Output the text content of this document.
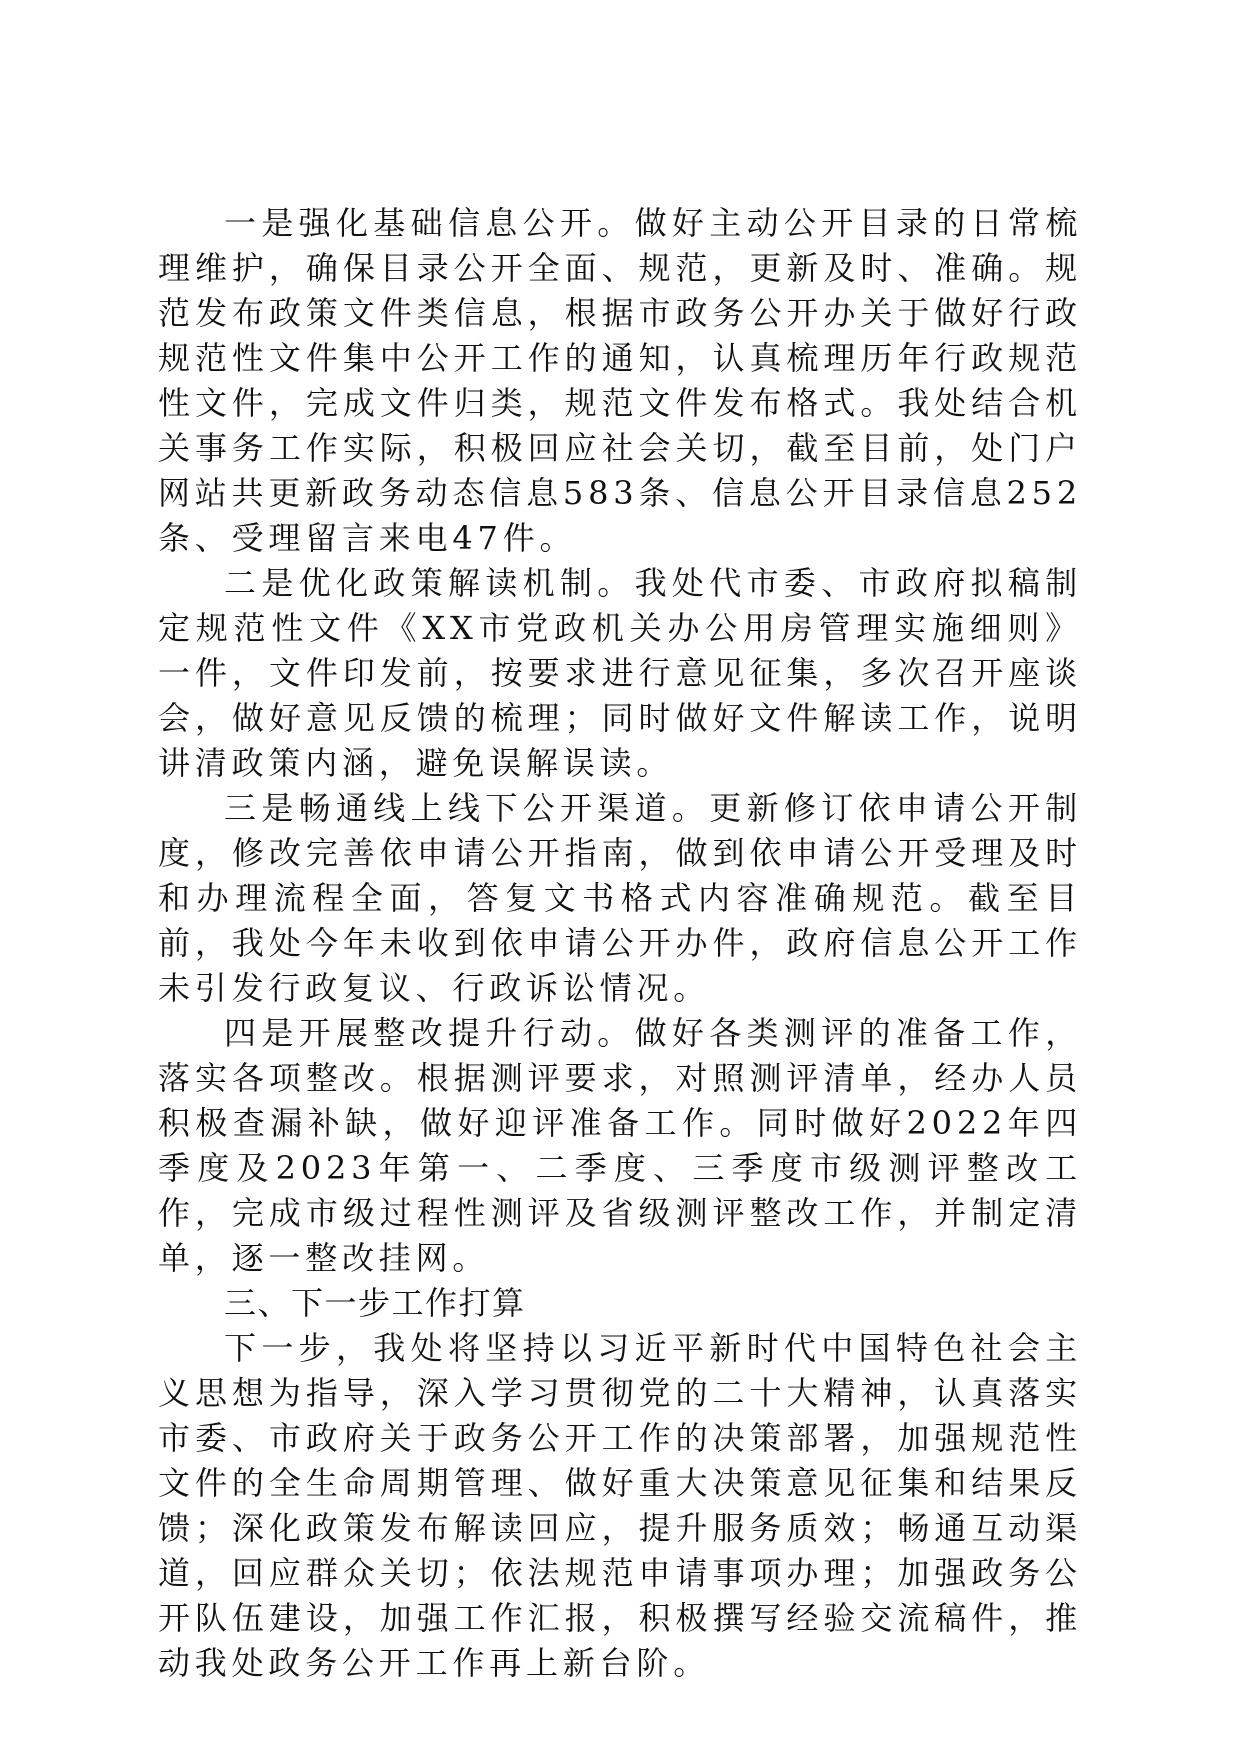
一是强化基础信息公开。做好主动公开目录的日常梳理维护，确保目录公开全面、规范，更新及时、准确。规范发布政策文件类信息，根据市政务公开办关于做好行政规范性文件集中公开工作的通知，认真梳理历年行政规范性文件，完成文件归类，规范文件发布格式。我处结合机关事务工作实际，积极回应社会关切，截至目前，处门户网站共更新政务动态信息583条、信息公开目录信息252条、受理留言来电47件。

二是优化政策解读机制。我处代市委、市政府拟稿制定规范性文件《XX市党政机关办公用房管理实施细则》一件，文件印发前，按要求进行意见征集，多次召开座谈会，做好意见反馈的梳理；同时做好文件解读工作，说明讲清政策内涵，避免误解误读。

三是畅通线上线下公开渠道。更新修订依申请公开制度，修改完善依申请公开指南，做到依申请公开受理及时和办理流程全面，答复文书格式内容准确规范。截至目前，我处今年未收到依申请公开办件，政府信息公开工作未引发行政复议、行政诉讼情况。

四是开展整改提升行动。做好各类测评的准备工作，落实各项整改。根据测评要求，对照测评清单，经办人员积极查漏补缺，做好迎评准备工作。同时做好2022年四季度及2023年第一、二季度、三季度市级测评整改工作，完成市级过程性测评及省级测评整改工作，并制定清单，逐一整改挂网。

三、下一步工作打算

下一步，我处将坚持以习近平新时代中国特色社会主义思想为指导，深入学习贯彻党的二十大精神，认真落实市委、市政府关于政务公开工作的决策部署，加强规范性文件的全生命周期管理、做好重大决策意见征集和结果反馈；深化政策发布解读回应，提升服务质效；畅通互动渠道，回应群众关切；依法规范申请事项办理；加强政务公开队伍建设，加强工作汇报，积极撰写经验交流稿件，推动我处政务公开工作再上新台阶。
